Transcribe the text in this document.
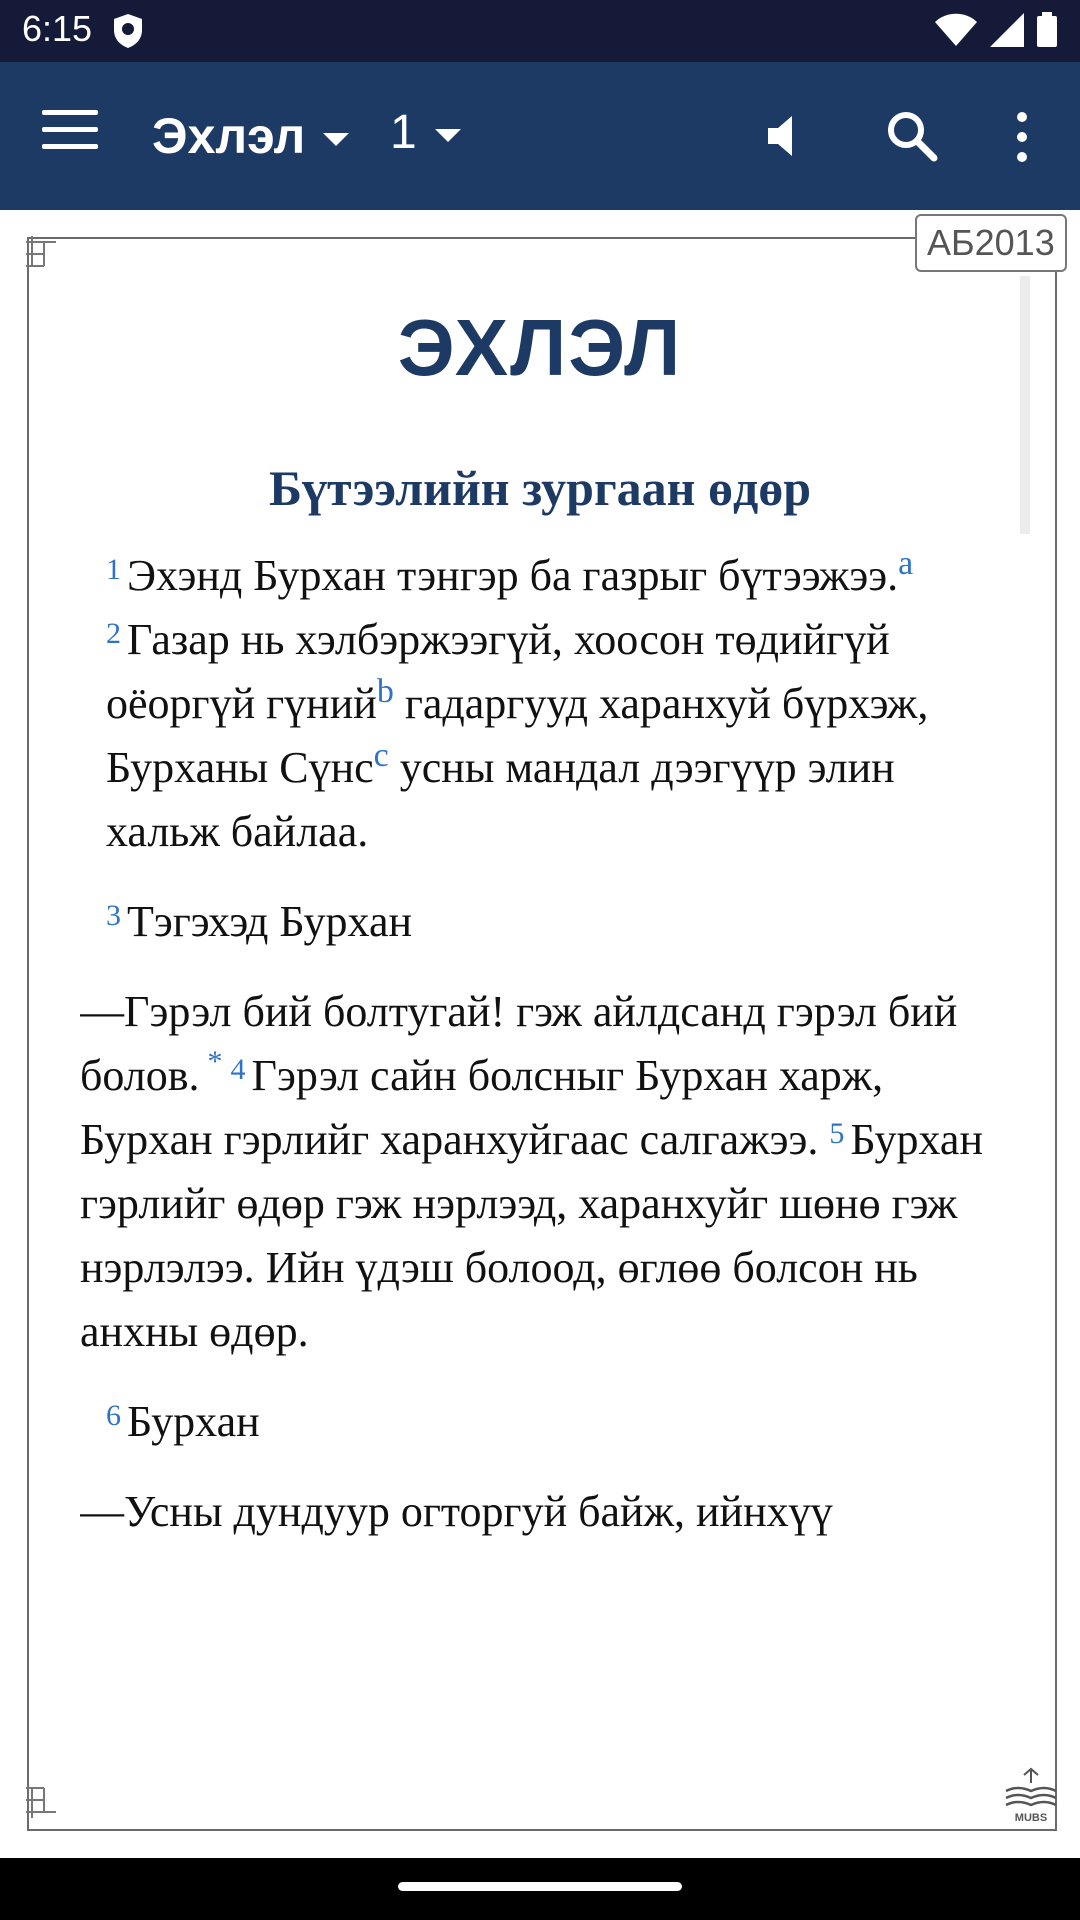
6:15
Эхлэл 1
АБ2013
ЭХЛЭЛ
Бүтээлийн зургаан өдөр
$^1$ Эхэнд Бурхан тэнгэр ба газрыг бүтээжээ.$^a$ $^2$ Газар нь хэлбэржээгүй, хоосон төдийгүй оёоргүй гүний$^b$ гадаргууд харанхуй бүрхэж, Бурханы Сүнс$^c$ усны мандал дээгүүр элин хальж байлаа.
$^3$ Тэгэхэд Бурхан
—Гэрэл бий болтугай! гэж айлдсанд гэрэл бий болов. * $^4$ Гэрэл сайн болсныг Бурхан харж, Бурхан гэрлийг харанхуйгаас салгажээ. $^5$ Бурхан гэрлийг өдөр гэж нэрлээд, харанхуйг шөнө гэж нэрлэлээ. Ийн үдэш болоод, өглөө болсон нь анхны өдөр.
$^6$ Бурхан
—Усны дундуур огторгуй байж, ийнхүү
MUBS
